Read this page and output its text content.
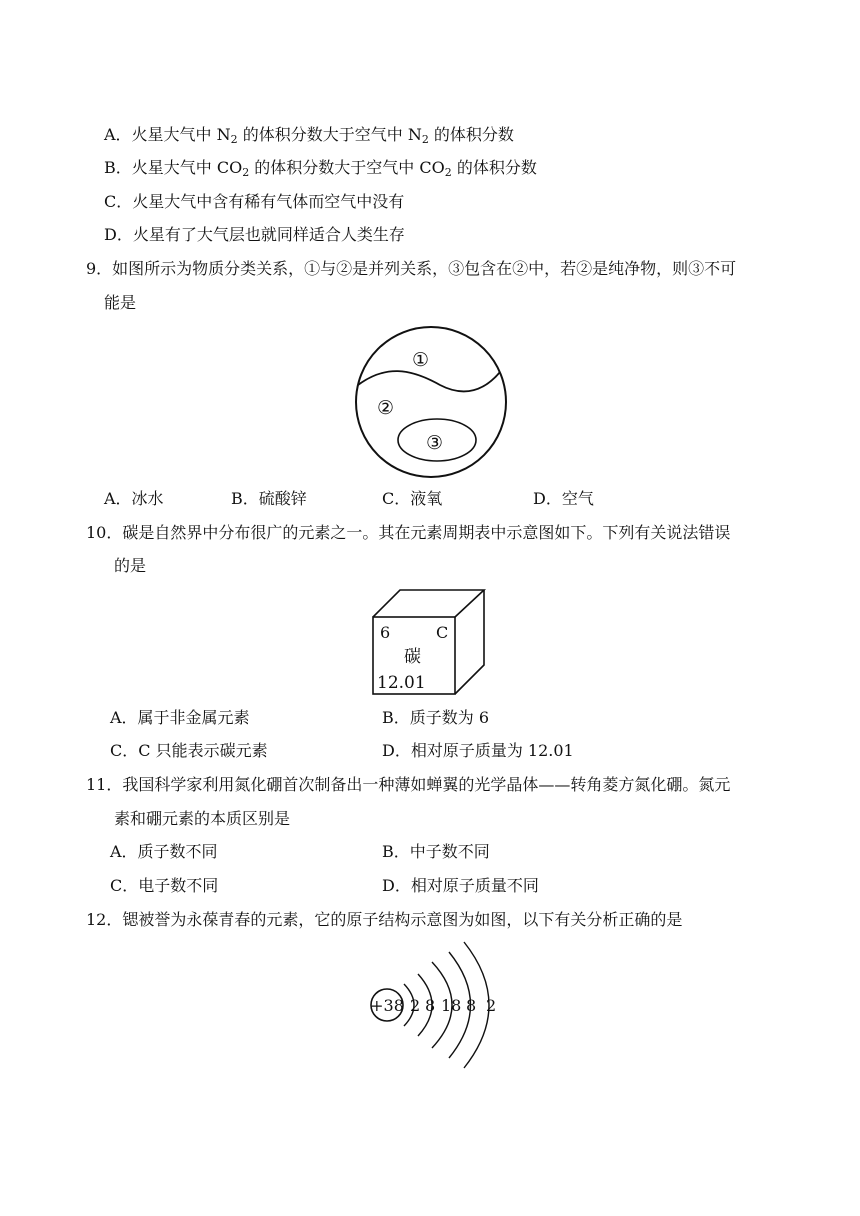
A．火星大气中 $N_2$ 的体积分数大于空气中 $N_2$ 的体积分数
B．火星大气中 $CO_2$ 的体积分数大于空气中 $CO_2$ 的体积分数
C．火星大气中含有稀有气体而空气中没有
D．火星有了大气层也就同样适合人类生存
9．如图所示为物质分类关系，①与②是并列关系，③包含在②中，若②是纯净物，则③不可
能是
①
②
③
A．冰水	B．硫酸锌	C．液氧	D．空气
10．碳是自然界中分布很广的元素之一。其在元素周期表中示意图如下。下列有关说法错误
的是
6	C
碳
12.01
A．属于非金属元素	B．质子数为 6
C．C 只能表示碳元素	D．相对原子质量为 12.01
11．我国科学家利用氮化硼首次制备出一种薄如蝉翼的光学晶体——转角菱方氮化硼。氮元
素和硼元素的本质区别是
A．质子数不同	B．中子数不同
C．电子数不同	D．相对原子质量不同
12．锶被誉为永葆青春的元素，它的原子结构示意图为如图，以下有关分析正确的是
+38 2 8 18 8 2
